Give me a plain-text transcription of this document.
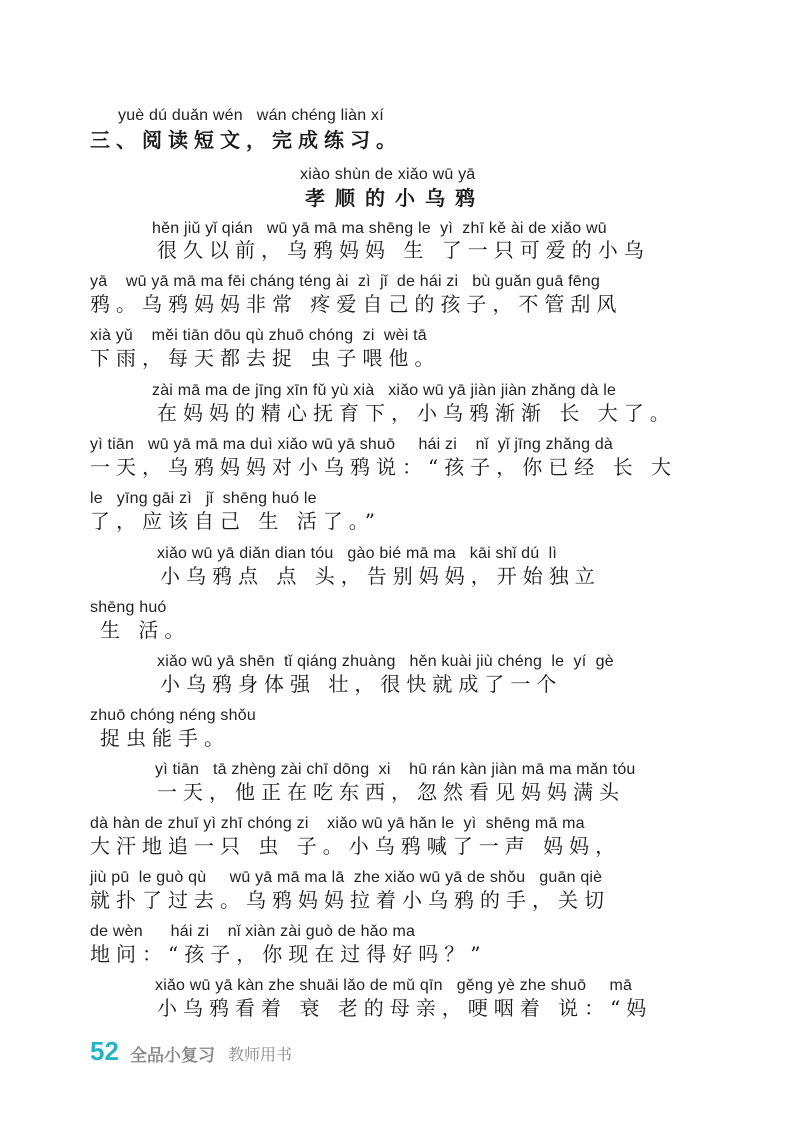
yuè dú duǎn wén   wán chéng liàn xí
三、阅读短文，完成练习。
xiào shùn de xiǎo wū yā
孝顺的小乌鸦
hěn jiǔ yǐ qián   wū yā mā ma shēng le  yì  zhī kě ài de xiǎo wū
很久以前，乌鸦妈妈 生 了一只可爱的小乌
yā    wū yā mā ma fēi cháng téng ài  zì  jǐ  de hái zi   bù guǎn guā fēng
鸦。乌鸦妈妈非常 疼爱自己的孩子，不管刮风
xià yǔ    měi tiān dōu qù zhuō chóng  zi  wèi tā
下雨，每天都去捉 虫子喂他。
zài mā ma de jīng xīn fǔ yù xià   xiǎo wū yā jiàn jiàn zhǎng dà le
在妈妈的精心抚育下，小乌鸦渐渐 长 大了。
yì tiān   wū yā mā ma duì xiǎo wū yā shuō     hái zi    nǐ  yǐ jīng zhǎng dà
一天，乌鸦妈妈对小乌鸦说：“孩子，你已经 长 大
le   yīng gāi zì   jǐ  shēng huó le
了，应该自己 生 活了。”
xiǎo wū yā diǎn dian tóu   gào bié mā ma   kāi shǐ dú  lì
小乌鸦点 点 头，告别妈妈，开始独立
shēng huó
生 活。
xiǎo wū yā shēn  tǐ qiáng zhuàng   hěn kuài jiù chéng  le  yí  gè
小乌鸦身体强 壮，很快就成了一个
zhuō chóng néng shǒu
捉虫能手。
yì tiān   tā zhèng zài chī dōng  xi    hū rán kàn jiàn mā ma mǎn tóu
一天，他正在吃东西，忽然看见妈妈满头
dà hàn de zhuī yì zhī chóng zi    xiǎo wū yā hǎn le  yì  shēng mā ma
大汗地追一只 虫 子。小乌鸦喊了一声 妈妈，
jiù pū  le guò qù     wū yā mā ma lā  zhe xiǎo wū yā de shǒu   guān qiè
就扑了过去。乌鸦妈妈拉着小乌鸦的手，关切
de wèn      hái zi    nǐ xiàn zài guò de hǎo ma
地问：“孩子，你现在过得好吗？”
xiǎo wū yā kàn zhe shuāi lǎo de mǔ qīn   gěng yè zhe shuō     mā
小乌鸦看着 衰 老的母亲，哽咽着 说：“妈
52 全品小复习 教师用书
